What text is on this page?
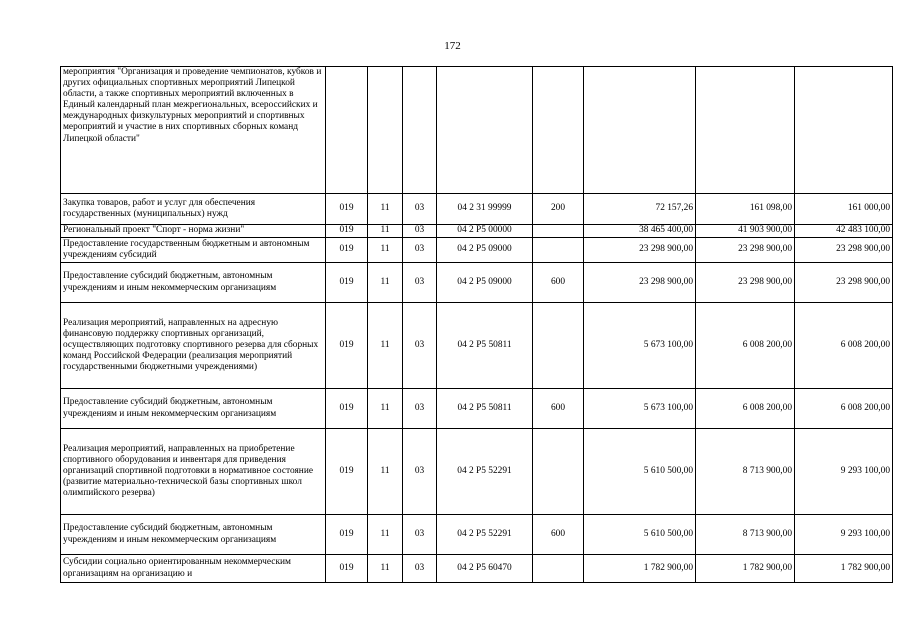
172
мероприятия "Организация и проведение чемпионатов, кубков и других официальных спортивных мероприятий Липецкой области, а также спортивных мероприятий включенных в Единый календарный план межрегиональных, всероссийских и международных физкультурных мероприятий и спортивных мероприятий и участие в них спортивных сборных команд Липецкой области"								
Закупка товаров, работ и услуг для обеспечения государственных (муниципальных) нужд	019	11	03	04 2 31 99999	200	72 157,26	161 098,00	161 000,00
Региональный проект "Спорт - норма жизни"	019	11	03	04 2 P5 00000		38 465 400,00	41 903 900,00	42 483 100,00
Предоставление государственным бюджетным и автономным учреждениям субсидий	019	11	03	04 2 P5 09000		23 298 900,00	23 298 900,00	23 298 900,00
Предоставление субсидий бюджетным, автономным учреждениям и иным некоммерческим организациям	019	11	03	04 2 P5 09000	600	23 298 900,00	23 298 900,00	23 298 900,00
Реализация мероприятий, направленных на адресную финансовую поддержку спортивных организаций, осуществляющих подготовку спортивного резерва для сборных команд Российской Федерации (реализация мероприятий государственными бюджетными учреждениями)	019	11	03	04 2 P5 50811		5 673 100,00	6 008 200,00	6 008 200,00
Предоставление субсидий бюджетным, автономным учреждениям и иным некоммерческим организациям	019	11	03	04 2 P5 50811	600	5 673 100,00	6 008 200,00	6 008 200,00
Реализация мероприятий, направленных на приобретение спортивного оборудования и инвентаря для приведения организаций спортивной подготовки в нормативное состояние (развитие материально-технической базы спортивных школ олимпийского резерва)	019	11	03	04 2 P5 52291		5 610 500,00	8 713 900,00	9 293 100,00
Предоставление субсидий бюджетным, автономным учреждениям и иным некоммерческим организациям	019	11	03	04 2 P5 52291	600	5 610 500,00	8 713 900,00	9 293 100,00
Субсидии социально ориентированным некоммерческим организациям на организацию и	019	11	03	04 2 P5 60470		1 782 900,00	1 782 900,00	1 782 900,00
